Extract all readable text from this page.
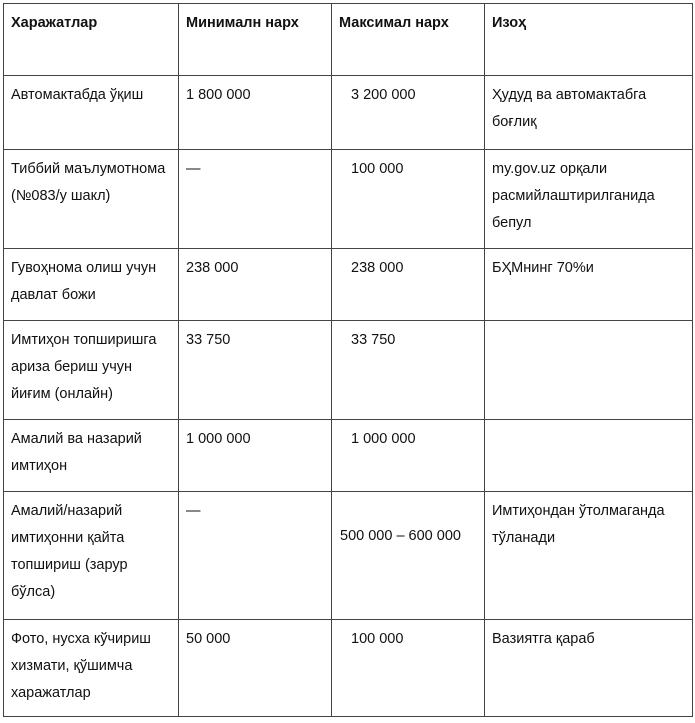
Харажатлар	Минималн нарх	Максимал нарх	Изоҳ
Автомактабда ўқиш	1 800 000	3 200 000	Ҳудуд ва автомактабга боғлиқ
Тиббий маълумотнома (№083/у шакл)	—	100 000	my.gov.uz орқали расмийлаштирилганида бепул
Гувоҳнома олиш учун давлат божи	238 000	238 000	БҲМнинг 70%и
Имтиҳон топширишга ариза бериш учун йиғим (онлайн)	33 750	33 750	
Амалий ва назарий имтиҳон	1 000 000	1 000 000	
Амалий/назарий имтиҳонни қайта топшириш (зарур бўлса)	—	500 000 – 600 000	Имтиҳондан ўтолмаганда тўланади
Фото, нусха кўчириш хизмати, қўшимча харажатлар	50 000	100 000	Вазиятга қараб
